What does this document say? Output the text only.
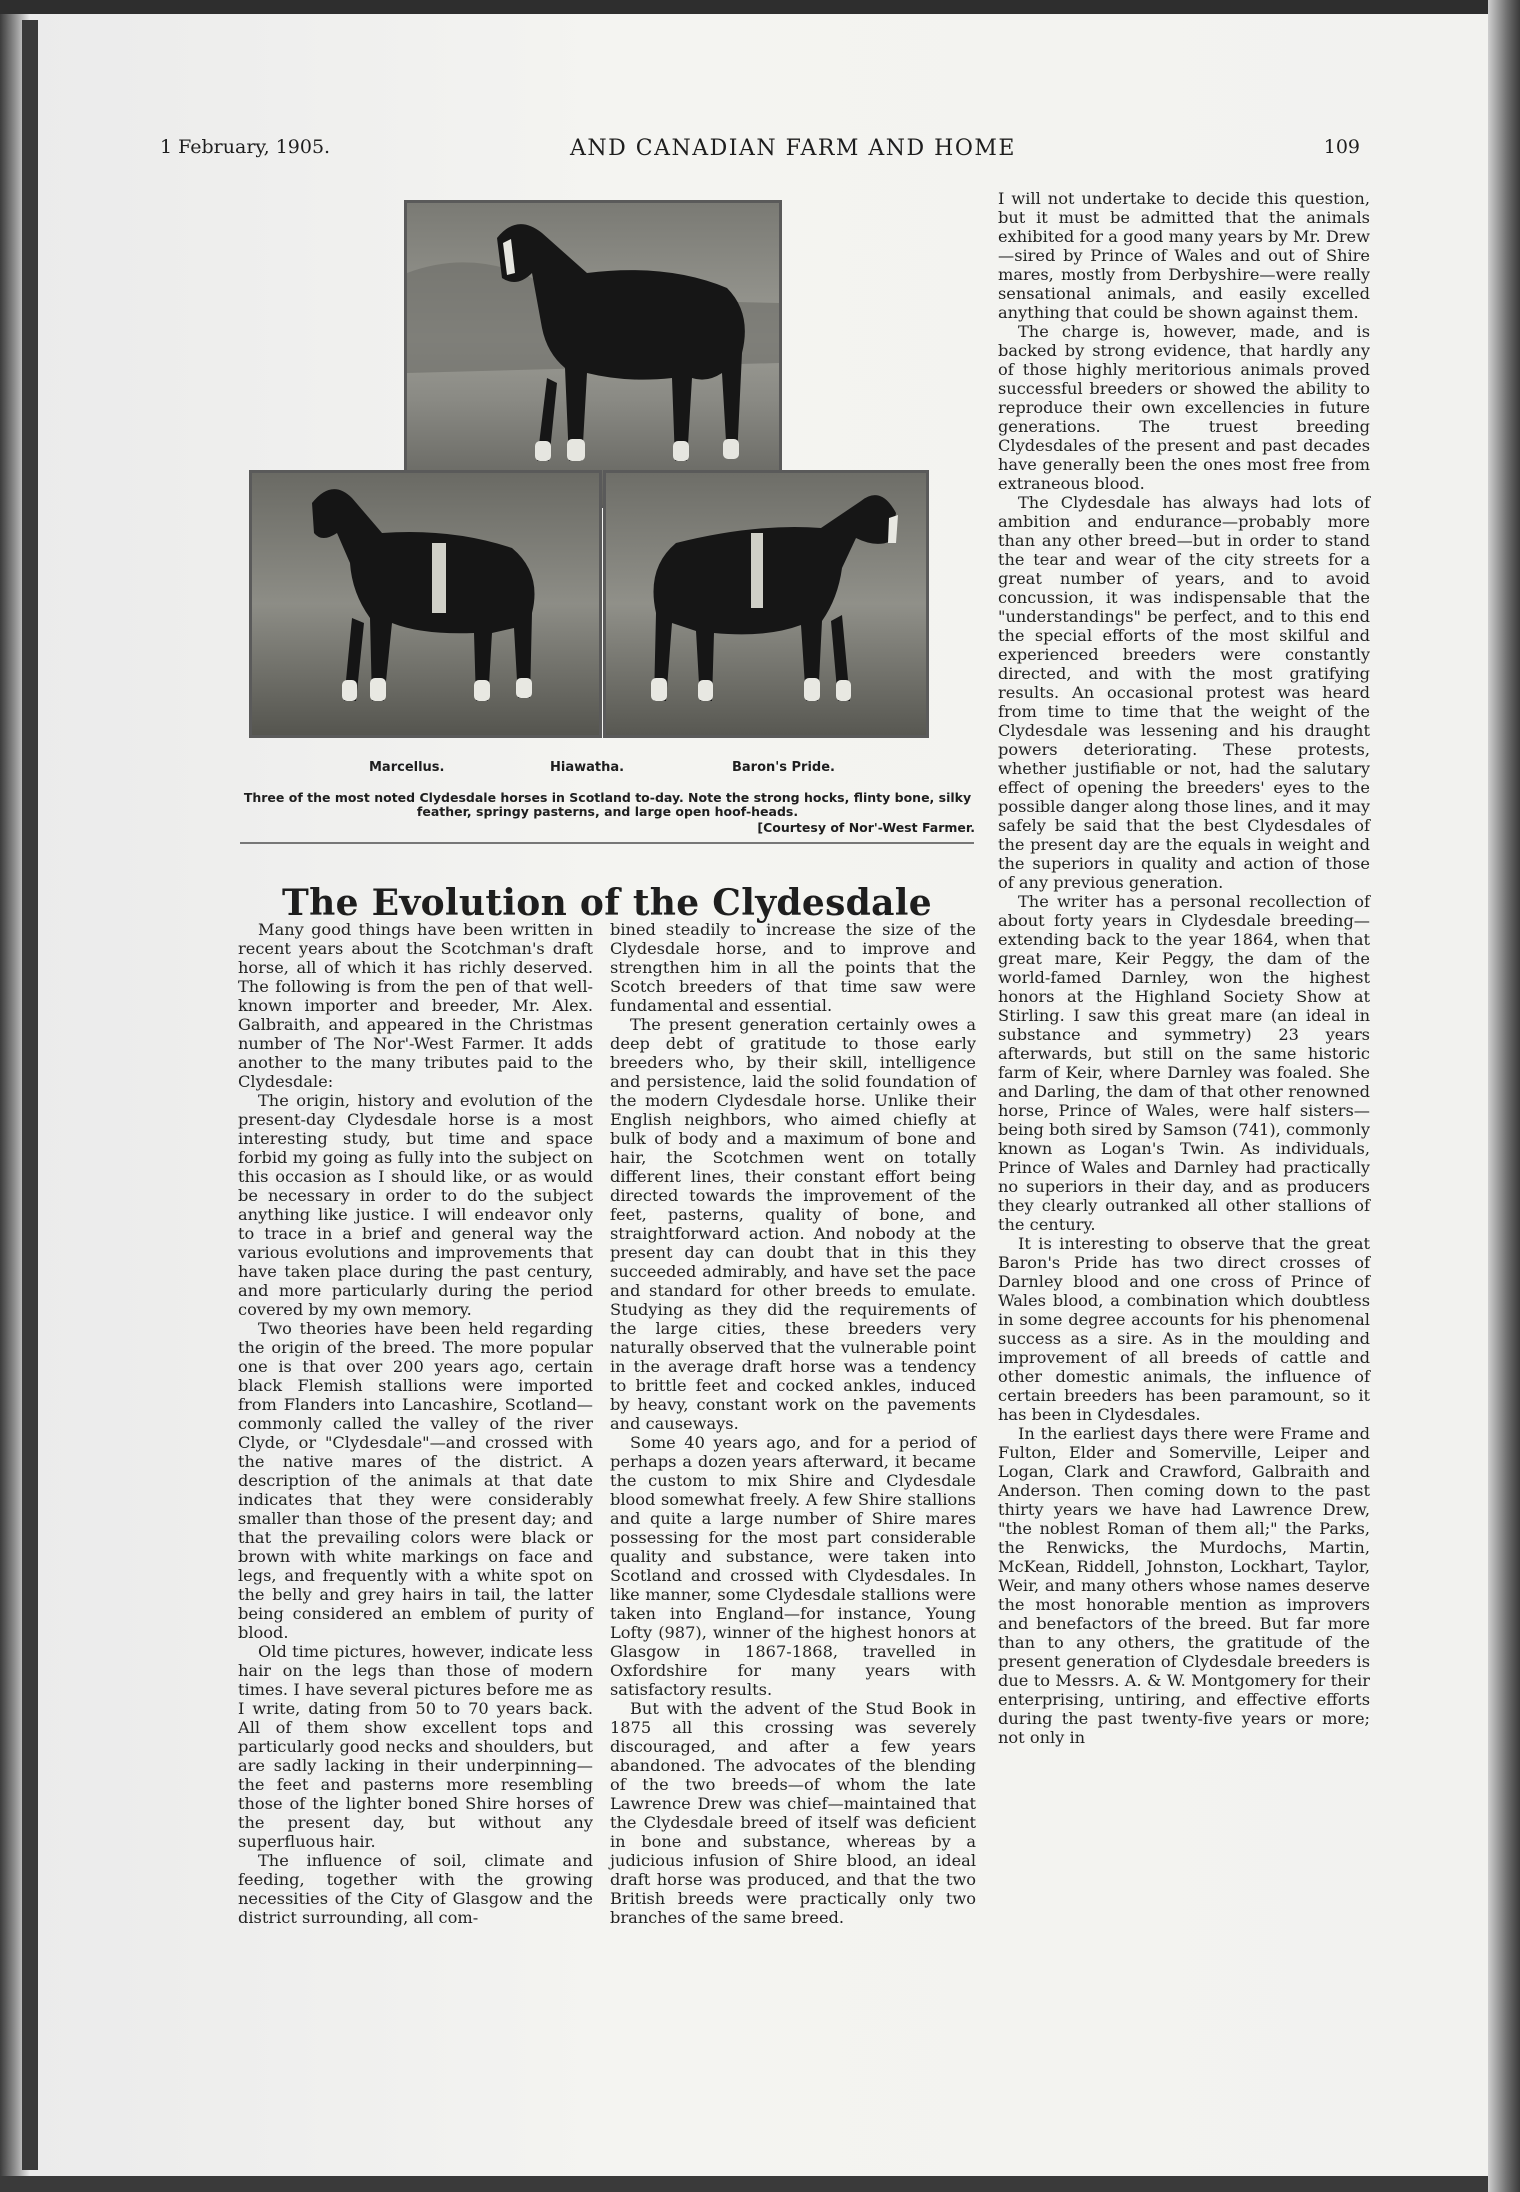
1 February, 1905.	AND CANADIAN FARM AND HOME	109
Marcellus.	Hiawatha.	Baron's Pride.
Three of the most noted Clydesdale horses in Scotland to-day. Note the strong hocks, flinty bone, silky feather, springy pasterns, and large open hoof-heads.
[Courtesy of Nor'-West Farmer.
The Evolution of the Clydesdale

Many good things have been written in recent years about the Scotchman's draft horse, all of which it has richly deserved. The following is from the pen of that well-known importer and breeder, Mr. Alex. Galbraith, and appeared in the Christmas number of The Nor'-West Farmer. It adds another to the many tributes paid to the Clydesdale:

The origin, history and evolution of the present-day Clydesdale horse is a most interesting study, but time and space forbid my going as fully into the subject on this occasion as I should like, or as would be necessary in order to do the subject anything like justice. I will endeavor only to trace in a brief and general way the various evolutions and improvements that have taken place during the past century, and more particularly during the period covered by my own memory.

Two theories have been held regarding the origin of the breed. The more popular one is that over 200 years ago, certain black Flemish stallions were imported from Flanders into Lancashire, Scotland—commonly called the valley of the river Clyde, or "Clydesdale"—and crossed with the native mares of the district. A description of the animals at that date indicates that they were considerably smaller than those of the present day; and that the prevailing colors were black or brown with white markings on face and legs, and frequently with a white spot on the belly and grey hairs in tail, the latter being considered an emblem of purity of blood.

Old time pictures, however, indicate less hair on the legs than those of modern times. I have several pictures before me as I write, dating from 50 to 70 years back. All of them show excellent tops and particularly good necks and shoulders, but are sadly lacking in their underpinning—the feet and pasterns more resembling those of the lighter boned Shire horses of the present day, but without any superfluous hair.

The influence of soil, climate and feeding, together with the growing necessities of the City of Glasgow and the district surrounding, all com-

bined steadily to increase the size of the Clydesdale horse, and to improve and strengthen him in all the points that the Scotch breeders of that time saw were fundamental and essential.

The present generation certainly owes a deep debt of gratitude to those early breeders who, by their skill, intelligence and persistence, laid the solid foundation of the modern Clydesdale horse. Unlike their English neighbors, who aimed chiefly at bulk of body and a maximum of bone and hair, the Scotchmen went on totally different lines, their constant effort being directed towards the improvement of the feet, pasterns, quality of bone, and straightforward action. And nobody at the present day can doubt that in this they succeeded admirably, and have set the pace and standard for other breeds to emulate. Studying as they did the requirements of the large cities, these breeders very naturally observed that the vulnerable point in the average draft horse was a tendency to brittle feet and cocked ankles, induced by heavy, constant work on the pavements and causeways.

Some 40 years ago, and for a period of perhaps a dozen years afterward, it became the custom to mix Shire and Clydesdale blood somewhat freely. A few Shire stallions and quite a large number of Shire mares possessing for the most part considerable quality and substance, were taken into Scotland and crossed with Clydesdales. In like manner, some Clydesdale stallions were taken into England—for instance, Young Lofty (987), winner of the highest honors at Glasgow in 1867-1868, travelled in Oxfordshire for many years with satisfactory results.

But with the advent of the Stud Book in 1875 all this crossing was severely discouraged, and after a few years abandoned. The advocates of the blending of the two breeds—of whom the late Lawrence Drew was chief—maintained that the Clydesdale breed of itself was deficient in bone and substance, whereas by a judicious infusion of Shire blood, an ideal draft horse was produced, and that the two British breeds were practically only two branches of the same breed.

I will not undertake to decide this question, but it must be admitted that the animals exhibited for a good many years by Mr. Drew—sired by Prince of Wales and out of Shire mares, mostly from Derbyshire—were really sensational animals, and easily excelled anything that could be shown against them.

The charge is, however, made, and is backed by strong evidence, that hardly any of those highly meritorious animals proved successful breeders or showed the ability to reproduce their own excellencies in future generations. The truest breeding Clydesdales of the present and past decades have generally been the ones most free from extraneous blood.

The Clydesdale has always had lots of ambition and endurance—probably more than any other breed—but in order to stand the tear and wear of the city streets for a great number of years, and to avoid concussion, it was indispensable that the "understandings" be perfect, and to this end the special efforts of the most skilful and experienced breeders were constantly directed, and with the most gratifying results. An occasional protest was heard from time to time that the weight of the Clydesdale was lessening and his draught powers deteriorating. These protests, whether justifiable or not, had the salutary effect of opening the breeders' eyes to the possible danger along those lines, and it may safely be said that the best Clydesdales of the present day are the equals in weight and the superiors in quality and action of those of any previous generation.

The writer has a personal recollection of about forty years in Clydesdale breeding—extending back to the year 1864, when that great mare, Keir Peggy, the dam of the world-famed Darnley, won the highest honors at the Highland Society Show at Stirling. I saw this great mare (an ideal in substance and symmetry) 23 years afterwards, but still on the same historic farm of Keir, where Darnley was foaled. She and Darling, the dam of that other renowned horse, Prince of Wales, were half sisters—being both sired by Samson (741), commonly known as Logan's Twin. As individuals, Prince of Wales and Darnley had practically no superiors in their day, and as producers they clearly outranked all other stallions of the century.

It is interesting to observe that the great Baron's Pride has two direct crosses of Darnley blood and one cross of Prince of Wales blood, a combination which doubtless in some degree accounts for his phenomenal success as a sire. As in the moulding and improvement of all breeds of cattle and other domestic animals, the influence of certain breeders has been paramount, so it has been in Clydesdales.

In the earliest days there were Frame and Fulton, Elder and Somerville, Leiper and Logan, Clark and Crawford, Galbraith and Anderson. Then coming down to the past thirty years we have had Lawrence Drew, "the noblest Roman of them all;" the Parks, the Renwicks, the Murdochs, Martin, McKean, Riddell, Johnston, Lockhart, Taylor, Weir, and many others whose names deserve the most honorable mention as improvers and benefactors of the breed. But far more than to any others, the gratitude of the present generation of Clydesdale breeders is due to Messrs. A. & W. Montgomery for their enterprising, untiring, and effective efforts during the past twenty-five years or more; not only in
